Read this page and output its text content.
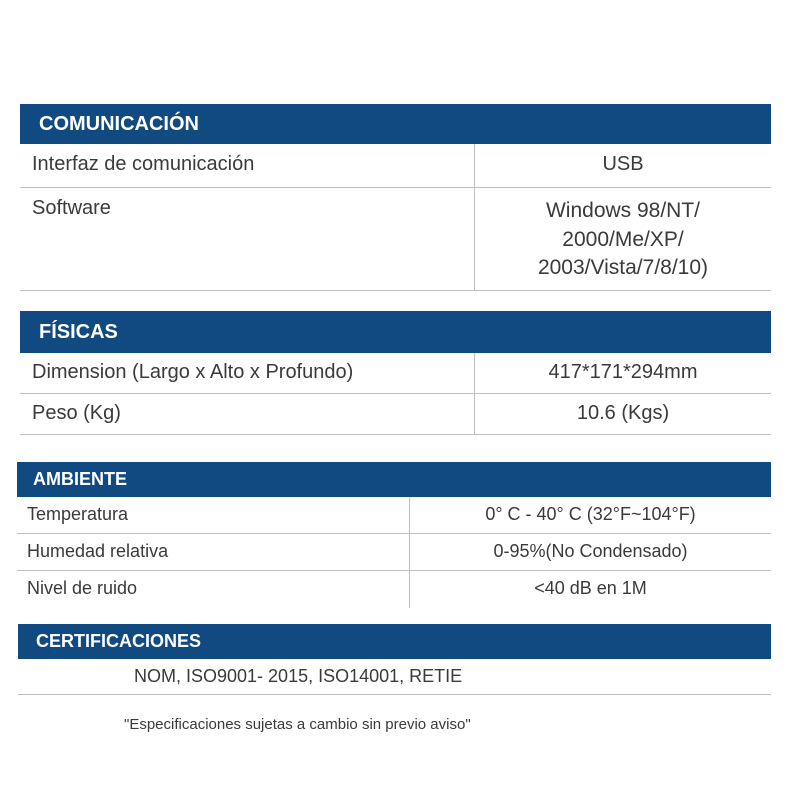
COMUNICACIÓN
Interfaz de comunicación	USB
Software	Windows 98/NT/
2000/Me/XP/
2003/Vista/7/8/10)
FÍSICAS
Dimension (Largo x Alto x Profundo)	417*171*294mm
Peso (Kg)	10.6 (Kgs)
AMBIENTE
Temperatura	0° C - 40° C (32°F~104°F)
Humedad relativa	0-95%(No Condensado)
Nivel de ruido	<40 dB en 1M
CERTIFICACIONES
NOM, ISO9001- 2015, ISO14001, RETIE
"Especificaciones sujetas a cambio sin previo aviso"
